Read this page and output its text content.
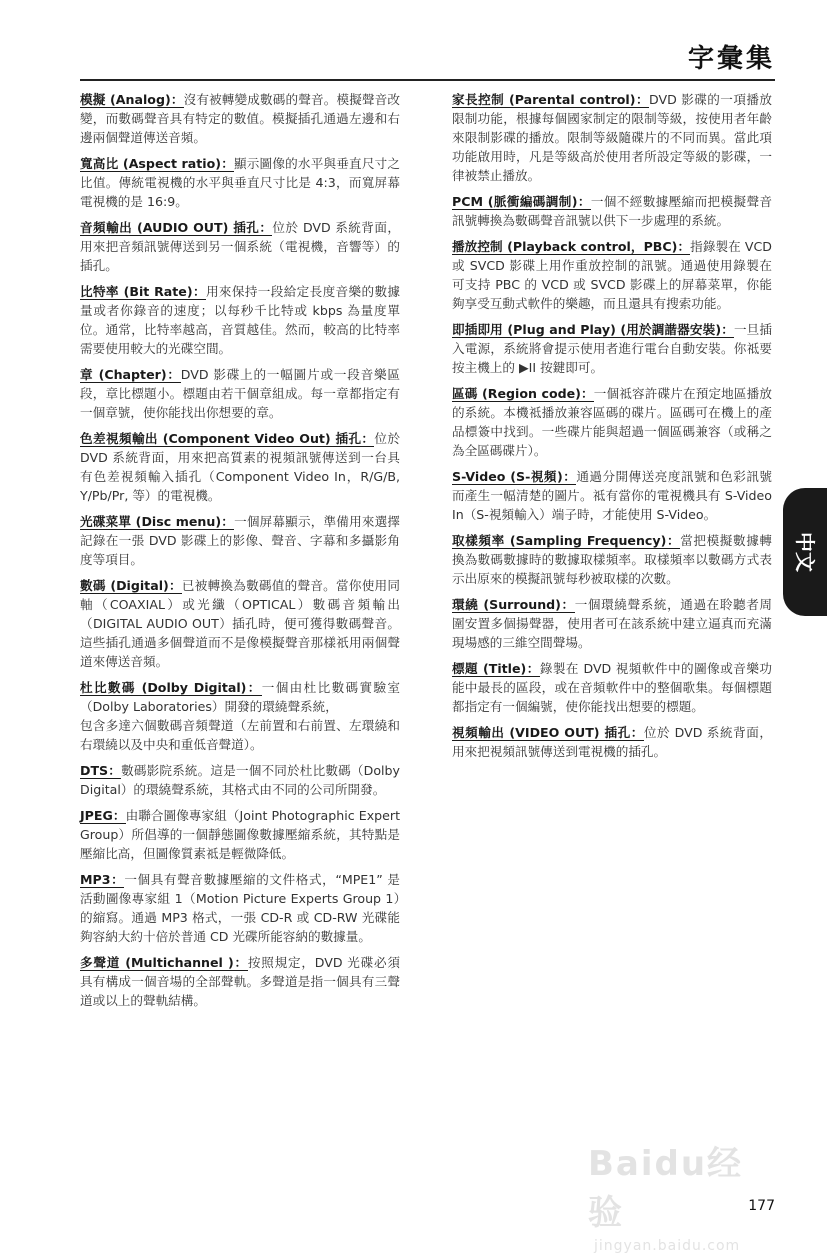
字彙集

模擬 (Analog)：沒有被轉變成數碼的聲音。模擬聲音改變，而數碼聲音具有特定的數值。模擬插孔通過左邊和右邊兩個聲道傳送音頻。

寬高比 (Aspect ratio)：顯示圖像的水平與垂直尺寸之比值。傳統電視機的水平與垂直尺寸比是 4:3，而寬屏幕電視機的是 16:9。

音頻輸出 (AUDIO OUT) 插孔：位於 DVD 系統背面，用來把音頻訊號傳送到另一個系統（電視機，音響等）的插孔。

比特率 (Bit Rate)：用來保持一段給定長度音樂的數據量或者你錄音的速度；以每秒千比特或 kbps 為量度單位。通常，比特率越高，音質越佳。然而，較高的比特率需要使用較大的光碟空間。

章 (Chapter)：DVD 影碟上的一幅圖片或一段音樂區段，章比標題小。標題由若干個章組成。每一章都指定有一個章號，使你能找出你想要的章。

色差視頻輸出 (Component Video Out) 插孔：位於 DVD 系統背面，用來把高質素的視頻訊號傳送到一台具有色差視頻輸入插孔（Component Video In，R/G/B, Y/Pb/Pr, 等）的電視機。

光碟菜單 (Disc menu)：一個屏幕顯示，準備用來選擇記錄在一張 DVD 影碟上的影像、聲音、字幕和多攝影角度等項目。

數碼 (Digital)：已被轉換為數碼值的聲音。當你使用同軸（COAXIAL）或光纖（OPTICAL）數碼音頻輸出（DIGITAL AUDIO OUT）插孔時，便可獲得數碼聲音。這些插孔通過多個聲道而不是像模擬聲音那樣祇用兩個聲道來傳送音頻。

杜比數碼 (Dolby Digital)：一個由杜比數碼實驗室（Dolby Laboratories）開發的環繞聲系統，
包含多達六個數碼音頻聲道（左前置和右前置、左環繞和右環繞以及中央和重低音聲道）。

DTS：數碼影院系統。這是一個不同於杜比數碼（Dolby Digital）的環繞聲系統，其格式由不同的公司所開發。

JPEG：由聯合圖像專家組（Joint Photographic Expert Group）所倡導的一個靜態圖像數據壓縮系統，其特點是壓縮比高，但圖像質素祗是輕微降低。

MP3：一個具有聲音數據壓縮的文件格式，“MPE1” 是活動圖像專家組 1（Motion Picture Experts Group 1）的縮寫。通過 MP3 格式，一張 CD-R 或 CD-RW 光碟能夠容納大約十倍於普通 CD 光碟所能容納的數據量。

多聲道 (Multichannel )：按照規定，DVD 光碟必須具有構成一個音場的全部聲軌。多聲道是指一個具有三聲道或以上的聲軌結構。

家長控制 (Parental control)：DVD 影碟的一項播放限制功能，根據每個國家制定的限制等級，按使用者年齡來限制影碟的播放。限制等級隨碟片的不同而異。當此項功能啟用時，凡是等級高於使用者所設定等級的影碟，一律被禁止播放。

PCM (脈衝編碼調制)：一個不經數據壓縮而把模擬聲音訊號轉換為數碼聲音訊號以供下一步處理的系統。

播放控制 (Playback control，PBC)：指錄製在 VCD 或 SVCD 影碟上用作重放控制的訊號。通過使用錄製在可支持 PBC 的 VCD 或 SVCD 影碟上的屏幕菜單，你能夠享受互動式軟件的樂趣，而且還具有搜索功能。

即插即用 (Plug and Play) (用於調諧器安裝)：一旦插入電源，系統將會提示使用者進行電台自動安裝。你祗要按主機上的 ▶II 按鍵即可。

區碼 (Region code)：一個祗容許碟片在預定地區播放的系統。本機祗播放兼容區碼的碟片。區碼可在機上的產品標簽中找到。一些碟片能與超過一個區碼兼容（或稱之為全區碼碟片）。

S-Video (S-視頻)：通過分開傳送亮度訊號和色彩訊號而產生一幅清楚的圖片。祗有當你的電視機具有 S-Video In（S-視頻輸入）端子時，才能使用 S-Video。

取樣頻率 (Sampling Frequency)：當把模擬數據轉換為數碼數據時的數據取樣頻率。取樣頻率以數碼方式表示出原來的模擬訊號每秒被取樣的次數。

環繞 (Surround)：一個環繞聲系統，通過在聆聽者周圍安置多個揚聲器，使用者可在該系統中建立逼真而充滿現場感的三維空間聲場。

標題 (Title)：錄製在 DVD 視頻軟件中的圖像或音樂功能中最長的區段，或在音頻軟件中的整個歌集。每個標題都指定有一個編號，使你能找出想要的標題。

視頻輸出 (VIDEO OUT) 插孔：位於 DVD 系統背面，用來把視頻訊號傳送到電視機的插孔。

中文
Baidu经验
jingyan.baidu.com
177
